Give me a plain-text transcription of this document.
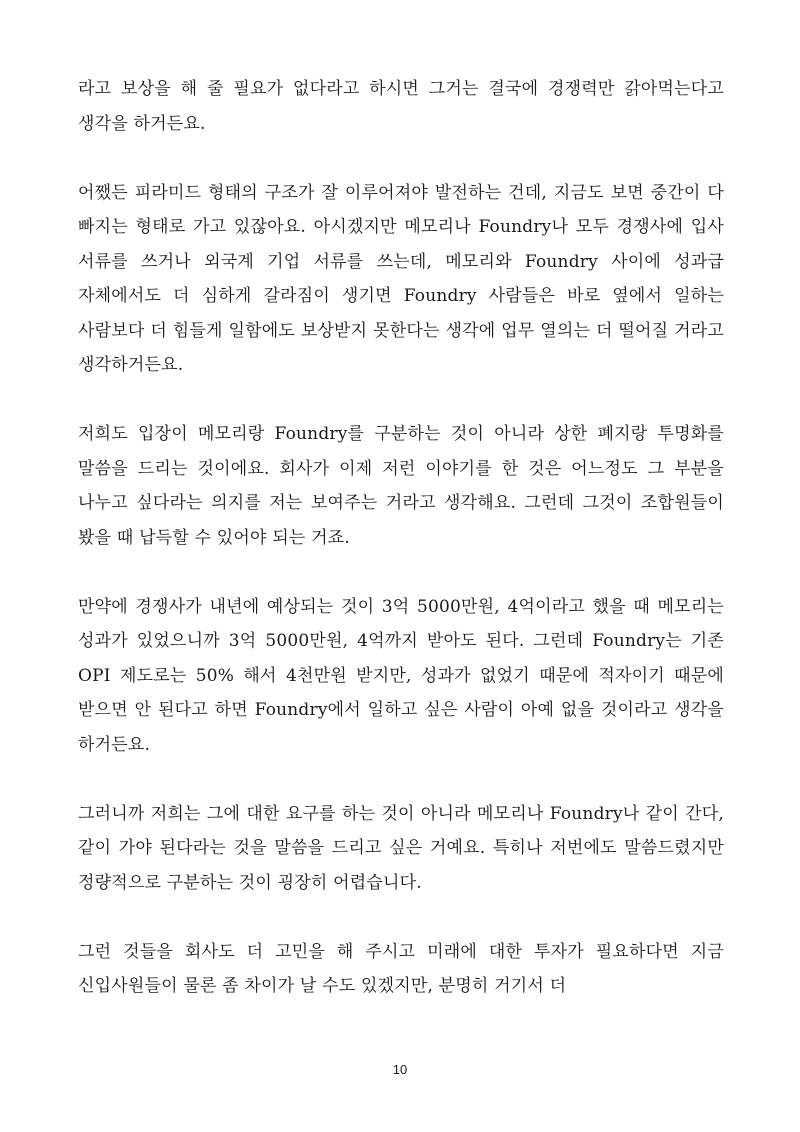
라고 보상을 해 줄 필요가 없다라고 하시면 그거는 결국에 경쟁력만 갉아먹는다고 생각을 하거든요.

어쨌든 피라미드 형태의 구조가 잘 이루어져야 발전하는 건데, 지금도 보면 중간이 다 빠지는 형태로 가고 있잖아요. 아시겠지만 메모리나 Foundry나 모두 경쟁사에 입사 서류를 쓰거나 외국계 기업 서류를 쓰는데, 메모리와 Foundry 사이에 성과급 자체에서도 더 심하게 갈라짐이 생기면 Foundry 사람들은 바로 옆에서 일하는 사람보다 더 힘들게 일함에도 보상받지 못한다는 생각에 업무 열의는 더 떨어질 거라고 생각하거든요.

저희도 입장이 메모리랑 Foundry를 구분하는 것이 아니라 상한 폐지랑 투명화를 말씀을 드리는 것이에요. 회사가 이제 저런 이야기를 한 것은 어느정도 그 부분을 나누고 싶다라는 의지를 저는 보여주는 거라고 생각해요. 그런데 그것이 조합원들이 봤을 때 납득할 수 있어야 되는 거죠.

만약에 경쟁사가 내년에 예상되는 것이 3억 5000만원, 4억이라고 했을 때 메모리는 성과가 있었으니까 3억 5000만원, 4억까지 받아도 된다. 그런데 Foundry는 기존 OPI 제도로는 50% 해서 4천만원 받지만, 성과가 없었기 때문에 적자이기 때문에 받으면 안 된다고 하면 Foundry에서 일하고 싶은 사람이 아예 없을 것이라고 생각을 하거든요.

그러니까 저희는 그에 대한 요구를 하는 것이 아니라 메모리나 Foundry나 같이 간다, 같이 가야 된다라는 것을 말씀을 드리고 싶은 거예요. 특히나 저번에도 말씀드렸지만 정량적으로 구분하는 것이 굉장히 어렵습니다.

그런 것들을 회사도 더 고민을 해 주시고 미래에 대한 투자가 필요하다면 지금 신입사원들이 물론 좀 차이가 날 수도 있겠지만, 분명히 거기서 더

10
